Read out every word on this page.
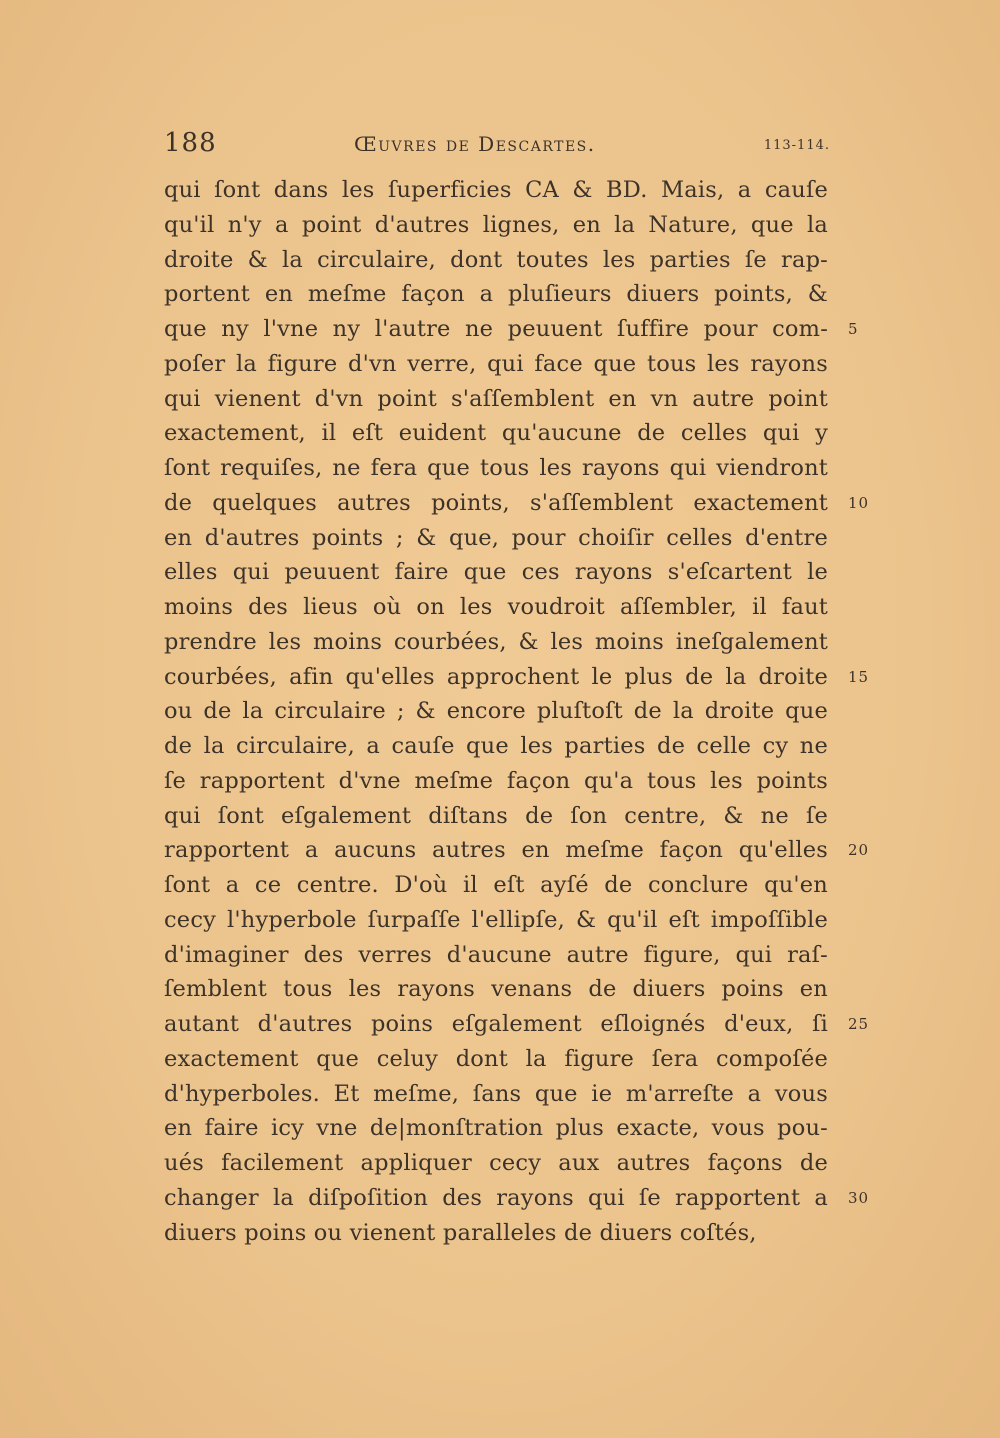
188	Œuvres de Descartes.	113-114.
qui ſont dans les ſuperficies CA & BD. Mais, a cauſe
qu'il n'y a point d'autres lignes, en la Nature, que la
droite & la circulaire, dont toutes les parties ſe rap-
portent en meſme façon a pluſieurs diuers points, &
que ny l'vne ny l'autre ne peuuent ſuffire pour com-
poſer la figure d'vn verre, qui face que tous les rayons
qui vienent d'vn point s'aſſemblent en vn autre point
exactement, il eſt euident qu'aucune de celles qui y
ſont requiſes, ne fera que tous les rayons qui viendront
de quelques autres points, s'aſſemblent exactement
en d'autres points ; & que, pour choiſir celles d'entre
elles qui peuuent faire que ces rayons s'eſcartent le
moins des lieus où on les voudroit aſſembler, il faut
prendre les moins courbées, & les moins ineſgalement
courbées, afin qu'elles approchent le plus de la droite
ou de la circulaire ; & encore pluſtoſt de la droite que
de la circulaire, a cauſe que les parties de celle cy ne
ſe rapportent d'vne meſme façon qu'a tous les points
qui ſont eſgalement diſtans de ſon centre, & ne ſe
rapportent a aucuns autres en meſme façon qu'elles
ſont a ce centre. D'où il eſt ayſé de conclure qu'en
cecy l'hyperbole ſurpaſſe l'ellipſe, & qu'il eſt impoſſible
d'imaginer des verres d'aucune autre figure, qui raſ-
ſemblent tous les rayons venans de diuers poins en
autant d'autres poins eſgalement eſloignés d'eux, ſi
exactement que celuy dont la figure ſera compoſée
d'hyperboles. Et meſme, ſans que ie m'arreſte a vous
en faire icy vne de|monſtration plus exacte, vous pou-
ués facilement appliquer cecy aux autres façons de
changer la diſpoſition des rayons qui ſe rapportent a
diuers poins ou vienent paralleles de diuers coſtés,
5
10
15
20
25
30
